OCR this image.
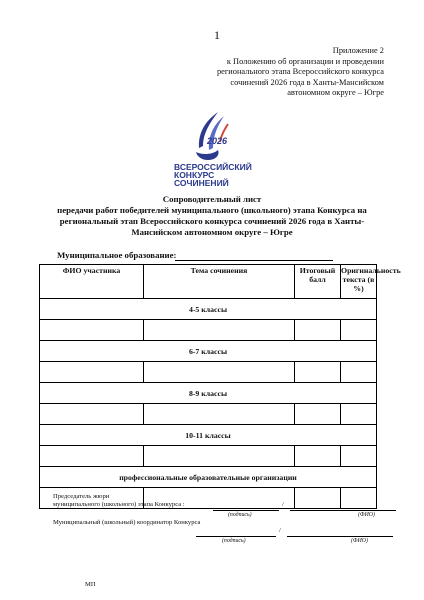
1
Приложение 2
к Положению об организации и проведении
регионального этапа Всероссийского конкурса
сочинений 2026 года в Ханты-Мансийском
автономном округе – Югре
2026
ВСЕРОССИЙСКИЙ
КОНКУРС
СОЧИНЕНИЙ
Сопроводительный лист
передачи работ победителей муниципального (школьного) этапа Конкурса на
региональный этап Всероссийского конкурса сочинений 2026 года в Ханты-
Мансийском автономном округе – Югре
Муниципальное образование:
ФИО участника	Тема сочинения	Итоговый балл	Оригинальность текста (в %)
4-5 классы			

6-7 классы			

8-9 классы			

10-11 классы			

профессиональные образовательные организации			

Председатель жюри
муниципального (школьного) этапа Конкурса :	/
(подпись)	(ФИО)
Муниципальный (школьный) координатор Конкурса
/
(подпись)	(ФИО)
МП
